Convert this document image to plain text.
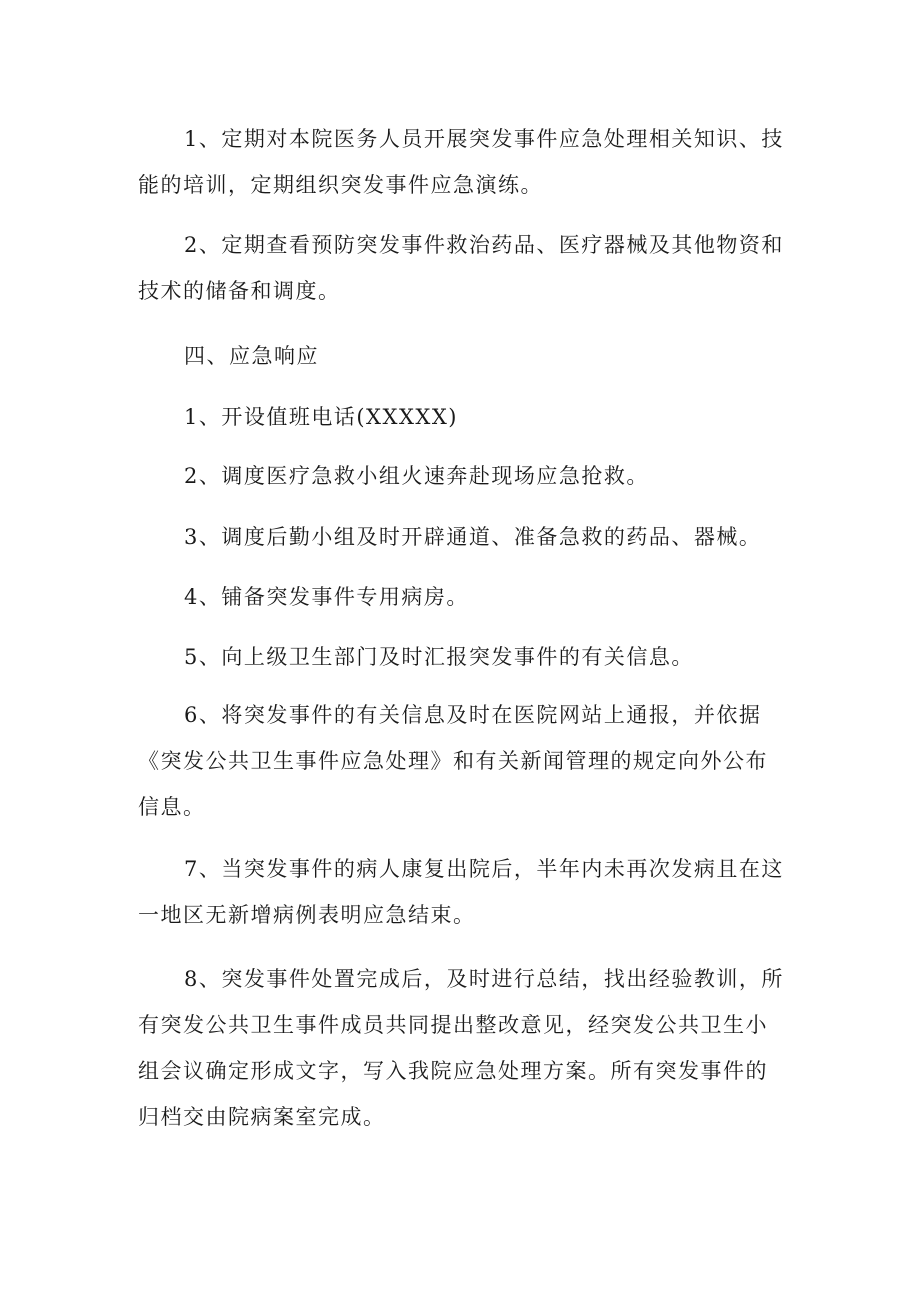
1、定期对本院医务人员开展突发事件应急处理相关知识、技
能的培训，定期组织突发事件应急演练。
2、定期查看预防突发事件救治药品、医疗器械及其他物资和
技术的储备和调度。
四、应急响应
1、开设值班电话(XXXXX)
2、调度医疗急救小组火速奔赴现场应急抢救。
3、调度后勤小组及时开辟通道、准备急救的药品、器械。
4、铺备突发事件专用病房。
5、向上级卫生部门及时汇报突发事件的有关信息。
6、将突发事件的有关信息及时在医院网站上通报，并依据
《突发公共卫生事件应急处理》和有关新闻管理的规定向外公布
信息。
7、当突发事件的病人康复出院后，半年内未再次发病且在这
一地区无新增病例表明应急结束。
8、突发事件处置完成后，及时进行总结，找出经验教训，所
有突发公共卫生事件成员共同提出整改意见，经突发公共卫生小
组会议确定形成文字，写入我院应急处理方案。所有突发事件的
归档交由院病案室完成。
